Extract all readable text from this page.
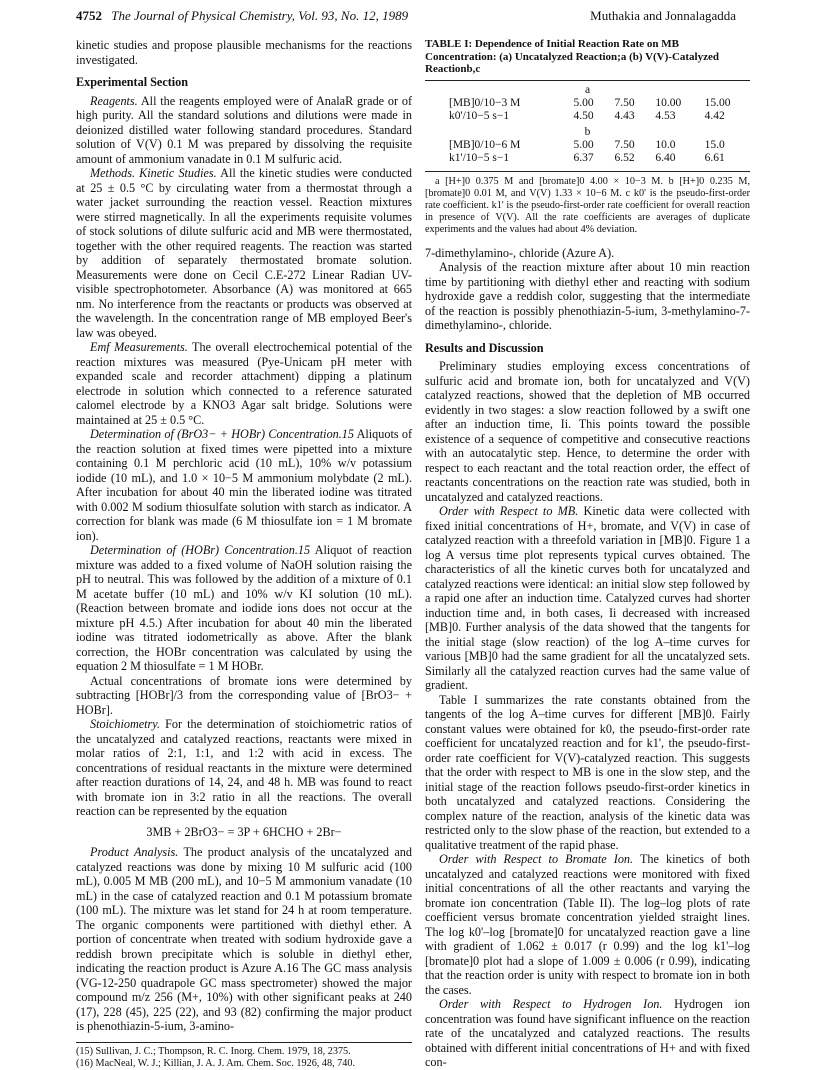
4752 The Journal of Physical Chemistry, Vol. 93, No. 12, 1989	Muthakia and Jonnalagadda

kinetic studies and propose plausible mechanisms for the reactions investigated.

Experimental Section

Reagents. All the reagents employed were of AnalaR grade or of high purity. All the standard solutions and dilutions were made in deionized distilled water following standard procedures. Standard solution of V(V) 0.1 M was prepared by dissolving the requisite amount of ammonium vanadate in 0.1 M sulfuric acid.

Methods. Kinetic Studies. All the kinetic studies were conducted at 25 ± 0.5 °C by circulating water from a thermostat through a water jacket surrounding the reaction vessel. Reaction mixtures were stirred magnetically. In all the experiments requisite volumes of stock solutions of dilute sulfuric acid and MB were thermostated, together with the other required reagents. The reaction was started by addition of separately thermostated bromate solution. Measurements were done on Cecil C.E-272 Linear Radian UV-visible spectrophotometer. Absorbance (A) was monitored at 665 nm. No interference from the reactants or products was observed at the wavelength. In the concentration range of MB employed Beer's law was obeyed.

Emf Measurements. The overall electrochemical potential of the reaction mixtures was measured (Pye-Unicam pH meter with expanded scale and recorder attachment) dipping a platinum electrode in solution which connected to a reference saturated calomel electrode by a KNO3 Agar salt bridge. Solutions were maintained at 25 ± 0.5 °C.

Determination of (BrO3− + HOBr) Concentration.15 Aliquots of the reaction solution at fixed times were pipetted into a mixture containing 0.1 M perchloric acid (10 mL), 10% w/v potassium iodide (10 mL), and 1.0 × 10−5 M ammonium molybdate (2 mL). After incubation for about 40 min the liberated iodine was titrated with 0.002 M sodium thiosulfate solution with starch as indicator. A correction for blank was made (6 M thiosulfate ion = 1 M bromate ion).

Determination of (HOBr) Concentration.15 Aliquot of reaction mixture was added to a fixed volume of NaOH solution raising the pH to neutral. This was followed by the addition of a mixture of 0.1 M acetate buffer (10 mL) and 10% w/v KI solution (10 mL). (Reaction between bromate and iodide ions does not occur at the mixture pH 4.5.) After incubation for about 40 min the liberated iodine was titrated iodometrically as above. After the blank correction, the HOBr concentration was calculated by using the equation 2 M thiosulfate = 1 M HOBr.

Actual concentrations of bromate ions were determined by subtracting [HOBr]/3 from the corresponding value of [BrO3− + HOBr].

Stoichiometry. For the determination of stoichiometric ratios of the uncatalyzed and catalyzed reactions, reactants were mixed in molar ratios of 2:1, 1:1, and 1:2 with acid in excess. The concentrations of residual reactants in the mixture were determined after reaction durations of 14, 24, and 48 h. MB was found to react with bromate ion in 3:2 ratio in all the reactions. The overall reaction can be represented by the equation

3MB + 2BrO3− = 3P + 6HCHO + 2Br−

Product Analysis. The product analysis of the uncatalyzed and catalyzed reactions was done by mixing 10 M sulfuric acid (100 mL), 0.005 M MB (200 mL), and 10−5 M ammonium vanadate (10 mL) in the case of catalyzed reaction and 0.1 M potassium bromate (100 mL). The mixture was let stand for 24 h at room temperature. The organic components were partitioned with diethyl ether. A portion of concentrate when treated with sodium hydroxide gave a reddish brown precipitate which is soluble in diethyl ether, indicating the reaction product is Azure A.16 The GC mass analysis (VG-12-250 quadrapole GC mass spectrometer) showed the major compound m/z 256 (M+, 10%) with other significant peaks at 240 (17), 228 (45), 225 (22), and 93 (82) confirming the major product is phenothiazin-5-ium, 3-amino-

(15) Sullivan, J. C.; Thompson, R. C. Inorg. Chem. 1979, 18, 2375.
(16) MacNeal, W. J.; Killian, J. A. J. Am. Chem. Soc. 1926, 48, 740.
TABLE I: Dependence of Initial Reaction Rate on MB Concentration: (a) Uncatalyzed Reaction;a (b) V(V)-Catalyzed Reactionb,c
a				
[MB]0/10−3 M	5.00	7.50	10.00	15.00
k0'/10−5 s−1	4.50	4.43	4.53	4.42
b				
[MB]0/10−6 M	5.00	7.50	10.0	15.0
k1'/10−5 s−1	6.37	6.52	6.40	6.61

a [H+]0 0.375 M and [bromate]0 4.00 × 10−3 M. b [H+]0 0.235 M, [bromate]0 0.01 M, and V(V) 1.33 × 10−6 M. c k0' is the pseudo-first-order rate coefficient. k1' is the pseudo-first-order rate coefficient for overall reaction in presence of V(V). All the rate coefficients are averages of duplicate experiments and the values had about 4% deviation.

7-dimethylamino-, chloride (Azure A).

Analysis of the reaction mixture after about 10 min reaction time by partitioning with diethyl ether and reacting with sodium hydroxide gave a reddish color, suggesting that the intermediate of the reaction is possibly phenothiazin-5-ium, 3-methylamino-7-dimethylamino-, chloride.

Results and Discussion

Preliminary studies employing excess concentrations of sulfuric acid and bromate ion, both for uncatalyzed and V(V) catalyzed reactions, showed that the depletion of MB occurred evidently in two stages: a slow reaction followed by a swift one after an induction time, Ii. This points toward the possible existence of a sequence of competitive and consecutive reactions with an autocatalytic step. Hence, to determine the order with respect to each reactant and the total reaction order, the effect of reactants concentrations on the reaction rate was studied, both in uncatalyzed and catalyzed reactions.

Order with Respect to MB. Kinetic data were collected with fixed initial concentrations of H+, bromate, and V(V) in case of catalyzed reaction with a threefold variation in [MB]0. Figure 1 a log A versus time plot represents typical curves obtained. The characteristics of all the kinetic curves both for uncatalyzed and catalyzed reactions were identical: an initial slow step followed by a rapid one after an induction time. Catalyzed curves had shorter induction time and, in both cases, Ii decreased with increased [MB]0. Further analysis of the data showed that the tangents for the initial stage (slow reaction) of the log A–time curves for various [MB]0 had the same gradient for all the uncatalyzed sets. Similarly all the catalyzed reaction curves had the same value of gradient.

Table I summarizes the rate constants obtained from the tangents of the log A–time curves for different [MB]0. Fairly constant values were obtained for k0, the pseudo-first-order rate coefficient for uncatalyzed reaction and for k1', the pseudo-first-order rate coefficient for V(V)-catalyzed reaction. This suggests that the order with respect to MB is one in the slow step, and the initial stage of the reaction follows pseudo-first-order kinetics in both uncatalyzed and catalyzed reactions. Considering the complex nature of the reaction, analysis of the kinetic data was restricted only to the slow phase of the reaction, but extended to a qualitative treatment of the rapid phase.

Order with Respect to Bromate Ion. The kinetics of both uncatalyzed and catalyzed reactions were monitored with fixed initial concentrations of all the other reactants and varying the bromate ion concentration (Table II). The log–log plots of rate coefficient versus bromate concentration yielded straight lines. The log k0'–log [bromate]0 for uncatalyzed reaction gave a line with gradient of 1.062 ± 0.017 (r 0.99) and the log k1'–log [bromate]0 plot had a slope of 1.009 ± 0.006 (r 0.99), indicating that the reaction order is unity with respect to bromate ion in both the cases.

Order with Respect to Hydrogen Ion. Hydrogen ion concentration was found have significant influence on the reaction rate of the uncatalyzed and catalyzed reactions. The results obtained with different initial concentrations of H+ and with fixed con-
